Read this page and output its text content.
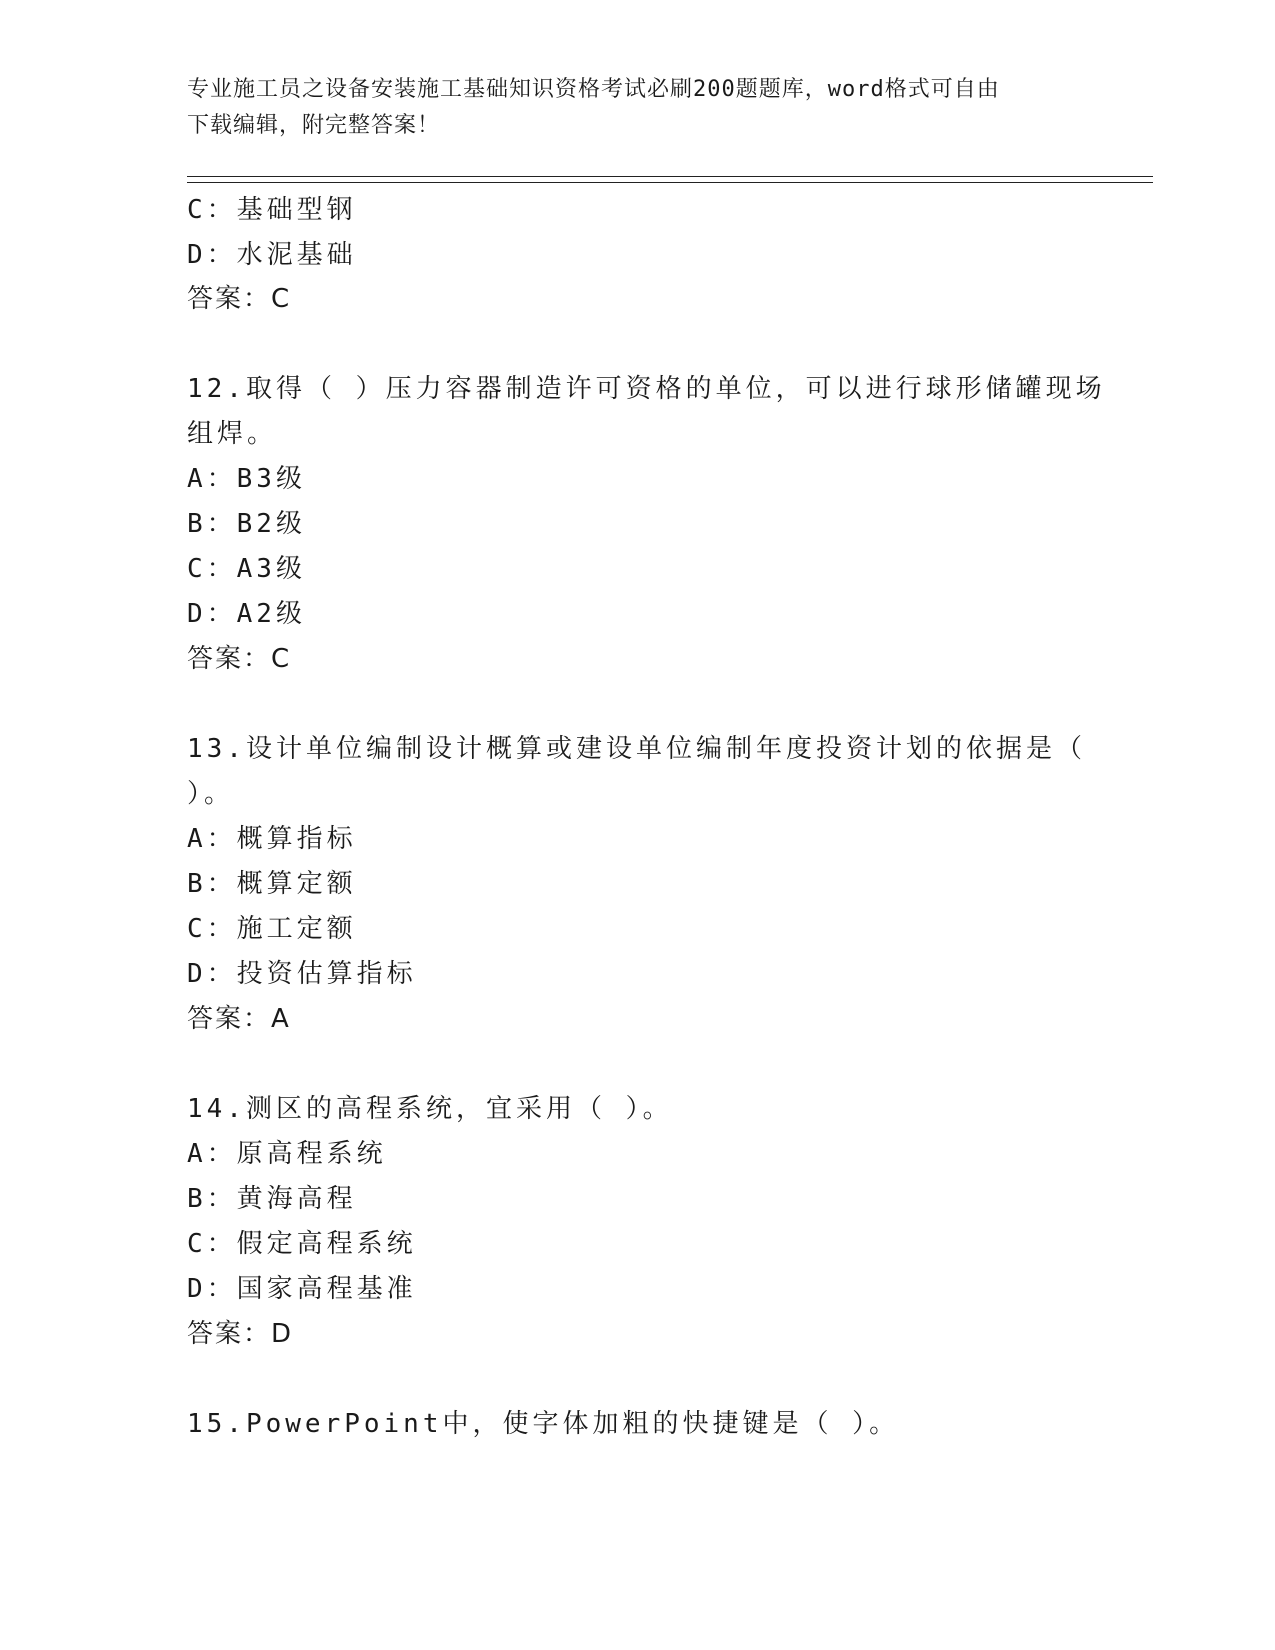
专业施工员之设备安装施工基础知识资格考试必刷200题题库，word格式可自由
下载编辑，附完整答案！
C：基础型钢
D：水泥基础
答案：C
12.取得（ ）压力容器制造许可资格的单位，可以进行球形储罐现场
组焊。
A：B3级
B：B2级
C：A3级
D：A2级
答案：C
13.设计单位编制设计概算或建设单位编制年度投资计划的依据是（
）。
A：概算指标
B：概算定额
C：施工定额
D：投资估算指标
答案：A
14.测区的高程系统，宜采用（ ）。
A：原高程系统
B：黄海高程
C：假定高程系统
D：国家高程基准
答案：D
15.PowerPoint中，使字体加粗的快捷键是（ ）。
